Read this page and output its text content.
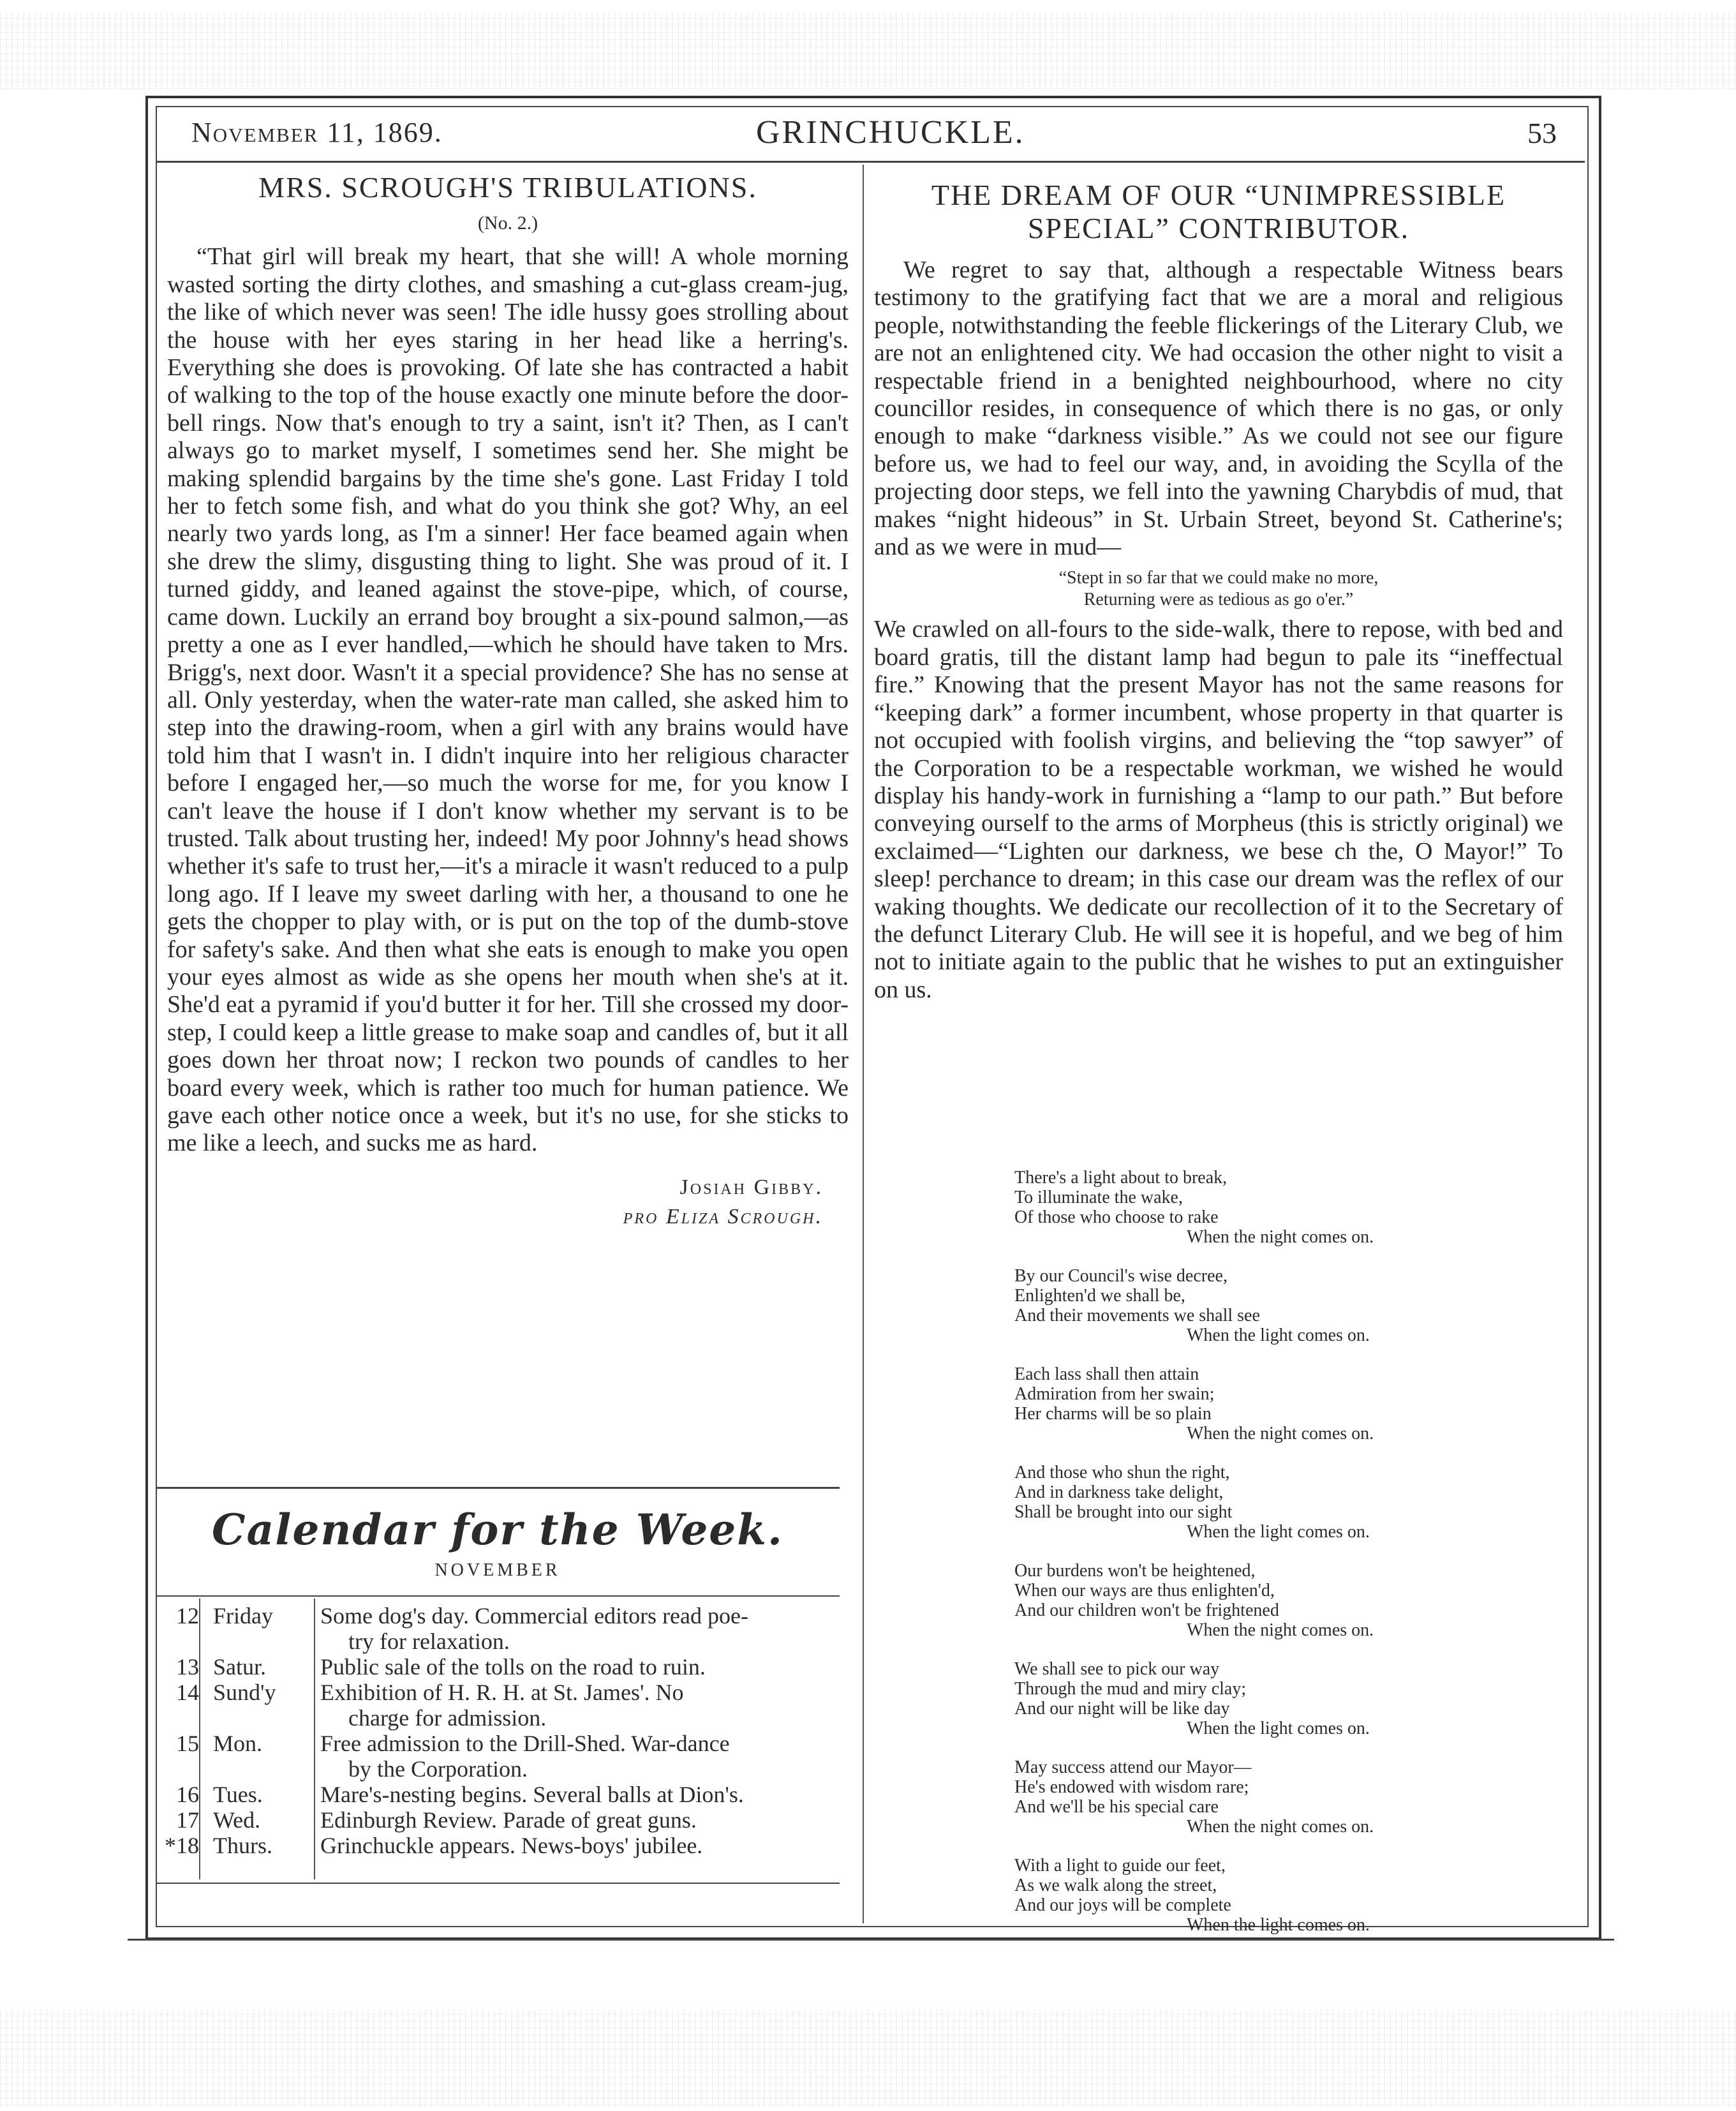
November 11, 1869.	GRINCHUCKLE.	53
MRS. SCROUGH'S TRIBULATIONS.
(No. 2.)

“That girl will break my heart, that she will! A whole morning wasted sorting the dirty clothes, and smashing a cut-glass cream-jug, the like of which never was seen! The idle hussy goes strolling about the house with her eyes staring in her head like a herring's. Everything she does is provoking. Of late she has contracted a habit of walking to the top of the house exactly one minute before the door-bell rings. Now that's enough to try a saint, isn't it? Then, as I can't always go to market myself, I sometimes send her. She might be making splendid bargains by the time she's gone. Last Friday I told her to fetch some fish, and what do you think she got? Why, an eel nearly two yards long, as I'm a sinner! Her face beamed again when she drew the slimy, disgusting thing to light. She was proud of it. I turned giddy, and leaned against the stove-pipe, which, of course, came down. Luckily an errand boy brought a six-pound salmon,—as pretty a one as I ever handled,—which he should have taken to Mrs. Brigg's, next door. Wasn't it a special providence? She has no sense at all. Only yesterday, when the water-rate man called, she asked him to step into the drawing-room, when a girl with any brains would have told him that I wasn't in. I didn't inquire into her religious character before I engaged her,—so much the worse for me, for you know I can't leave the house if I don't know whether my servant is to be trusted. Talk about trusting her, indeed! My poor Johnny's head shows whether it's safe to trust her,—it's a miracle it wasn't reduced to a pulp long ago. If I leave my sweet darling with her, a thousand to one he gets the chopper to play with, or is put on the top of the dumb-stove for safety's sake. And then what she eats is enough to make you open your eyes almost as wide as she opens her mouth when she's at it. She'd eat a pyramid if you'd butter it for her. Till she crossed my door-step, I could keep a little grease to make soap and candles of, but it all goes down her throat now; I reckon two pounds of candles to her board every week, which is rather too much for human patience. We gave each other notice once a week, but it's no use, for she sticks to me like a leech, and sucks me as hard.

Josiah Gibby.
pro Eliza Scrough.
Calendar for the Week.
NOVEMBER
12 Friday	Some dog's day. Commercial editors read poe-
try for relaxation.
13 Satur.	Public sale of the tolls on the road to ruin.
14 Sund'y	Exhibition of H. R. H. at St. James'. No
charge for admission.
15 Mon.	Free admission to the Drill-Shed. War-dance
by the Corporation.
16 Tues.	Mare's-nesting begins. Several balls at Dion's.
17 Wed.	Edinburgh Review. Parade of great guns.
*18 Thurs.	Grinchuckle appears. News-boys' jubilee.
THE DREAM OF OUR “UNIMPRESSIBLE SPECIAL” CONTRIBUTOR.

We regret to say that, although a respectable Witness bears testimony to the gratifying fact that we are a moral and religious people, notwithstanding the feeble flickerings of the Literary Club, we are not an enlightened city. We had occasion the other night to visit a respectable friend in a benighted neighbourhood, where no city councillor resides, in consequence of which there is no gas, or only enough to make “darkness visible.” As we could not see our figure before us, we had to feel our way, and, in avoiding the Scylla of the projecting door steps, we fell into the yawning Charybdis of mud, that makes “night hideous” in St. Urbain Street, beyond St. Catherine's; and as we were in mud—

“Stept in so far that we could make no more,
Returning were as tedious as go o'er.”

We crawled on all-fours to the side-walk, there to repose, with bed and board gratis, till the distant lamp had begun to pale its “ineffectual fire.” Knowing that the present Mayor has not the same reasons for “keeping dark” a former incumbent, whose property in that quarter is not occupied with foolish virgins, and believing the “top sawyer” of the Corporation to be a respectable workman, we wished he would display his handy-work in furnishing a “lamp to our path.” But before conveying ourself to the arms of Morpheus (this is strictly original) we exclaimed—“Lighten our darkness, we bese ch the, O Mayor!” To sleep! perchance to dream; in this case our dream was the reflex of our waking thoughts. We dedicate our recollection of it to the Secretary of the defunct Literary Club. He will see it is hopeful, and we beg of him not to initiate again to the public that he wishes to put an extinguisher on us.

There's a light about to break,
To illuminate the wake,
Of those who choose to rake
When the night comes on.
By our Council's wise decree,
Enlighten'd we shall be,
And their movements we shall see
When the light comes on.
Each lass shall then attain
Admiration from her swain;
Her charms will be so plain
When the night comes on.
And those who shun the right,
And in darkness take delight,
Shall be brought into our sight
When the light comes on.
Our burdens won't be heightened,
When our ways are thus enlighten'd,
And our children won't be frightened
When the night comes on.
We shall see to pick our way
Through the mud and miry clay;
And our night will be like day
When the light comes on.
May success attend our Mayor—
He's endowed with wisdom rare;
And we'll be his special care
When the night comes on.
With a light to guide our feet,
As we walk along the street,
And our joys will be complete
When the light comes on.
